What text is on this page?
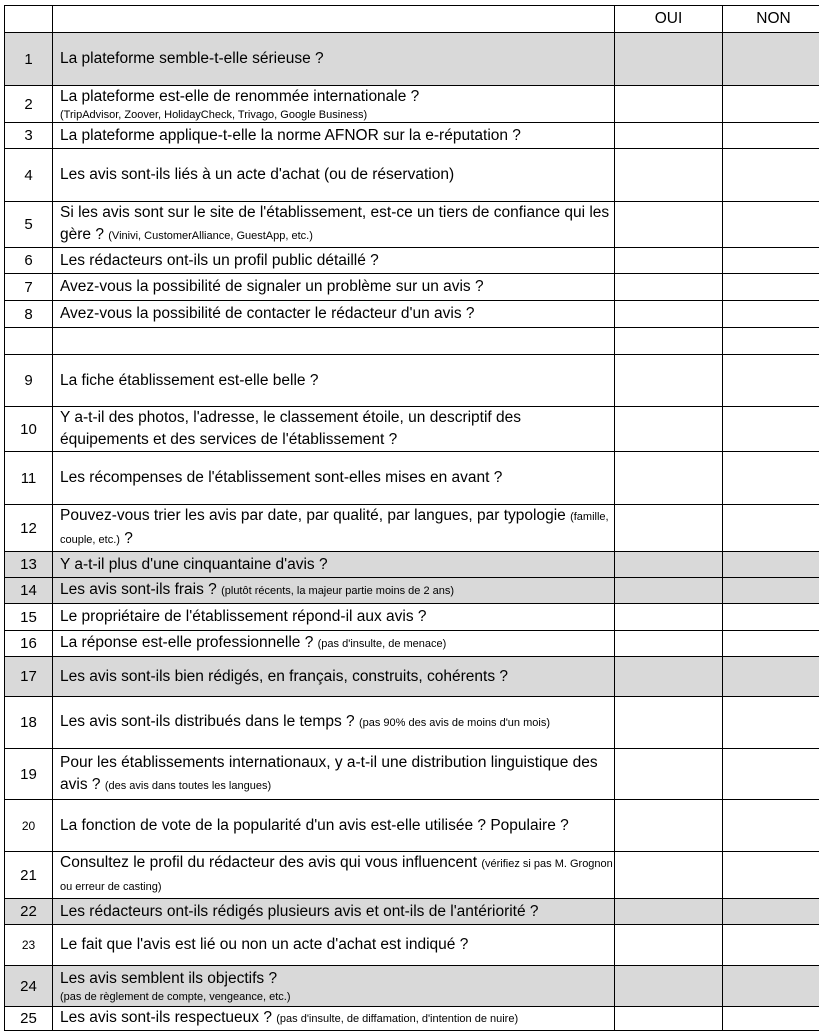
		OUI	NON
1	La plateforme semble-t-elle sérieuse ?		
2	La plateforme est-elle de renommée internationale ?
(TripAdvisor, Zoover, HolidayCheck, Trivago, Google Business)		

3	La plateforme applique-t-elle la norme AFNOR sur la e-réputation ?		
4	Les avis sont-ils liés à un acte d'achat (ou de réservation)		
5	Si les avis sont sur le site de l'établissement, est-ce un tiers de confiance qui les gère ? (Vinivi, CustomerAlliance, GuestApp, etc.)		
6	Les rédacteurs ont-ils un profil public détaillé ?		
7	Avez-vous la possibilité de signaler un problème sur un avis ?		
8	Avez-vous la possibilité de contacter le rédacteur d'un avis ?		

9	La fiche établissement est-elle belle ?		
10	Y a-t-il des photos, l'adresse, le classement étoile, un descriptif des équipements et des services de l'établissement ?		
11	Les récompenses de l'établissement sont-elles mises en avant ?		
12	Pouvez-vous trier les avis par date, par qualité, par langues, par typologie (famille, couple, etc.) ?		
13	Y a-t-il plus d'une cinquantaine d'avis ?		
14	Les avis sont-ils frais ? (plutôt récents, la majeur partie moins de 2 ans)		
15	Le propriétaire de l'établissement répond-il aux avis ?		
16	La réponse est-elle professionnelle ? (pas d'insulte, de menace)		
17	Les avis sont-ils bien rédigés, en français, construits, cohérents ?		
18	Les avis sont-ils distribués dans le temps ? (pas 90% des avis de moins d'un mois)		
19	Pour les établissements internationaux, y a-t-il une distribution linguistique des avis ? (des avis dans toutes les langues)		
20	La fonction de vote de la popularité d'un avis est-elle utilisée ? Populaire ?		
21	Consultez le profil du rédacteur des avis qui vous influencent (vérifiez si pas M. Grognon ou erreur de casting)		
22	Les rédacteurs ont-ils rédigés plusieurs avis et ont-ils de l'antériorité ?		
23	Le fait que l'avis est lié ou non un acte d'achat est indiqué ?		
24	Les avis semblent ils objectifs ?
(pas de règlement de compte, vengeance, etc.)		

25	Les avis sont-ils respectueux ? (pas d'insulte, de diffamation, d'intention de nuire)		
